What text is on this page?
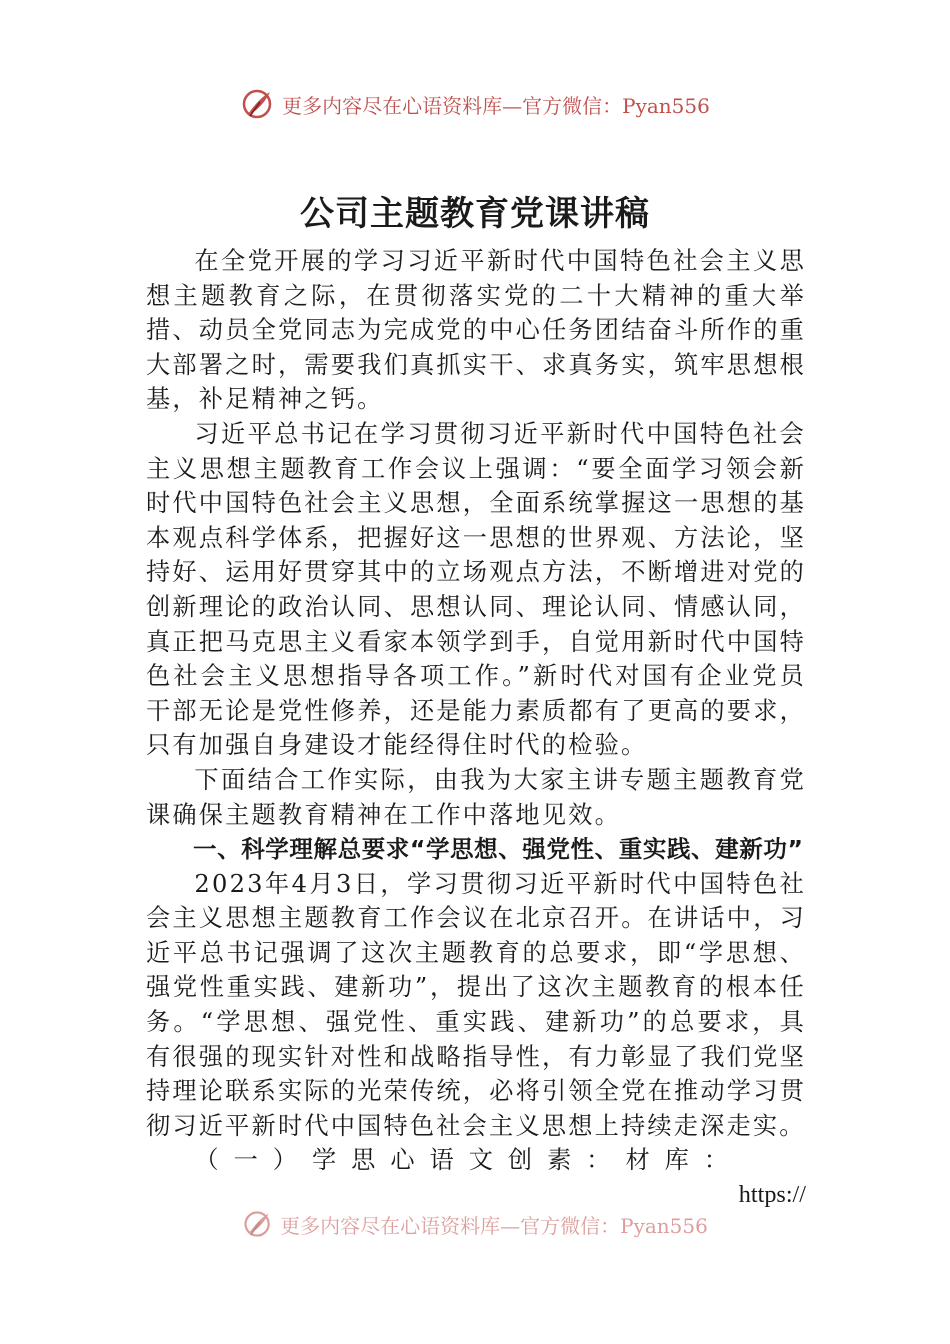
更多内容尽在心语资料库—官方微信：Pyan556
公司主题教育党课讲稿

在全党开展的学习习近平新时代中国特色社会主义思想主题教育之际，在贯彻落实党的二十大精神的重大举措、动员全党同志为完成党的中心任务团结奋斗所作的重大部署之时，需要我们真抓实干、求真务实，筑牢思想根基，补足精神之钙。

习近平总书记在学习贯彻习近平新时代中国特色社会主义思想主题教育工作会议上强调：“要全面学习领会新时代中国特色社会主义思想，全面系统掌握这一思想的基本观点科学体系，把握好这一思想的世界观、方法论，坚持好、运用好贯穿其中的立场观点方法，不断增进对党的创新理论的政治认同、思想认同、理论认同、情感认同，真正把马克思主义看家本领学到手，自觉用新时代中国特色社会主义思想指导各项工作。”新时代对国有企业党员干部无论是党性修养，还是能力素质都有了更高的要求，只有加强自身建设才能经得住时代的检验。

下面结合工作实际，由我为大家主讲专题主题教育党课确保主题教育精神在工作中落地见效。

一、科学理解总要求“学思想、强党性、重实践、建新功”

2023年4月3日，学习贯彻习近平新时代中国特色社会主义思想主题教育工作会议在北京召开。在讲话中，习近平总书记强调了这次主题教育的总要求，即“学思想、强党性重实践、建新功”，提出了这次主题教育的根本任务。“学思想、强党性、重实践、建新功”的总要求，具有很强的现实针对性和战略指导性，有力彰显了我们党坚持理论联系实际的光荣传统，必将引领全党在推动学习贯彻习近平新时代中国特色社会主义思想上持续走深走实。

（一）学思心语文创素：材库：
https://
更多内容尽在心语资料库—官方微信：Pyan556
